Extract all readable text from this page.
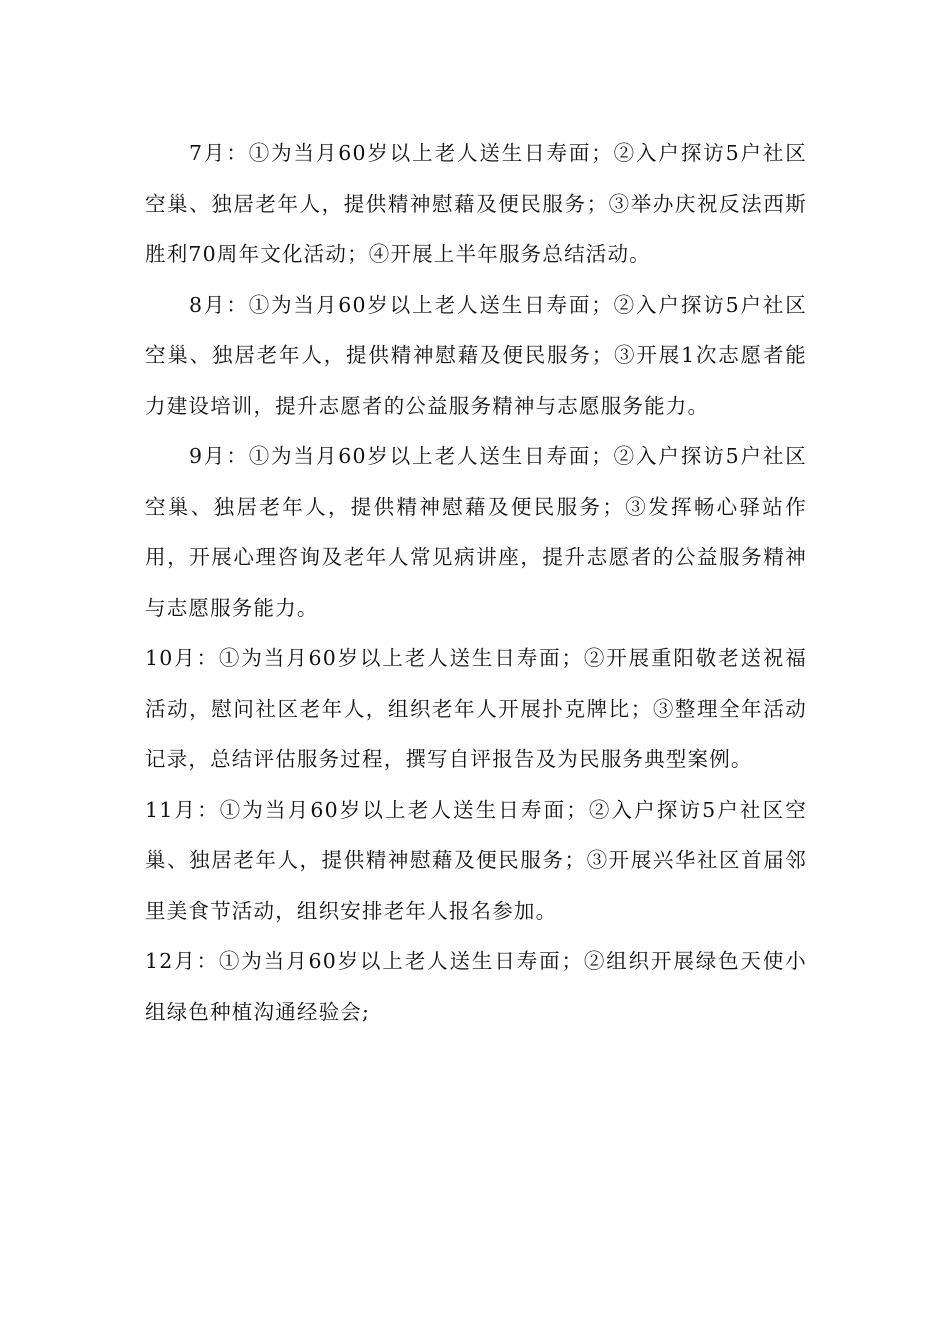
7月：①为当月60岁以上老人送生日寿面；②入户探访5户社区空巢、独居老年人，提供精神慰藉及便民服务；③举办庆祝反法西斯胜利70周年文化活动；④开展上半年服务总结活动。

8月：①为当月60岁以上老人送生日寿面；②入户探访5户社区空巢、独居老年人，提供精神慰藉及便民服务；③开展1次志愿者能力建设培训，提升志愿者的公益服务精神与志愿服务能力。

9月：①为当月60岁以上老人送生日寿面；②入户探访5户社区空巢、独居老年人，提供精神慰藉及便民服务；③发挥畅心驿站作用，开展心理咨询及老年人常见病讲座，提升志愿者的公益服务精神与志愿服务能力。

10月：①为当月60岁以上老人送生日寿面；②开展重阳敬老送祝福活动，慰问社区老年人，组织老年人开展扑克牌比；③整理全年活动记录，总结评估服务过程，撰写自评报告及为民服务典型案例。

11月：①为当月60岁以上老人送生日寿面；②入户探访5户社区空巢、独居老年人，提供精神慰藉及便民服务；③开展兴华社区首届邻里美食节活动，组织安排老年人报名参加。

12月：①为当月60岁以上老人送生日寿面；②组织开展绿色天使小组绿色种植沟通经验会;
